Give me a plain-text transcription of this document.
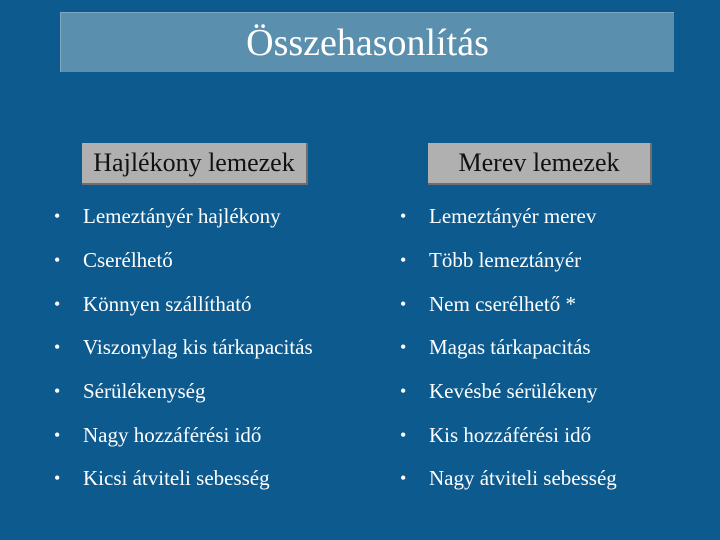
Összehasonlítás
Hajlékony lemezek	Merev lemezek
•	Lemeztányér hajlékony
•	Cserélhető
•	Könnyen szállítható
•	Viszonylag kis tárkapacitás
•	Sérülékenység
•	Nagy hozzáférési idő
•	Kicsi átviteli sebesség
•	Lemeztányér merev
•	Több lemeztányér
•	Nem cserélhető *
•	Magas tárkapacitás
•	Kevésbé sérülékeny
•	Kis hozzáférési idő
•	Nagy átviteli sebesség
